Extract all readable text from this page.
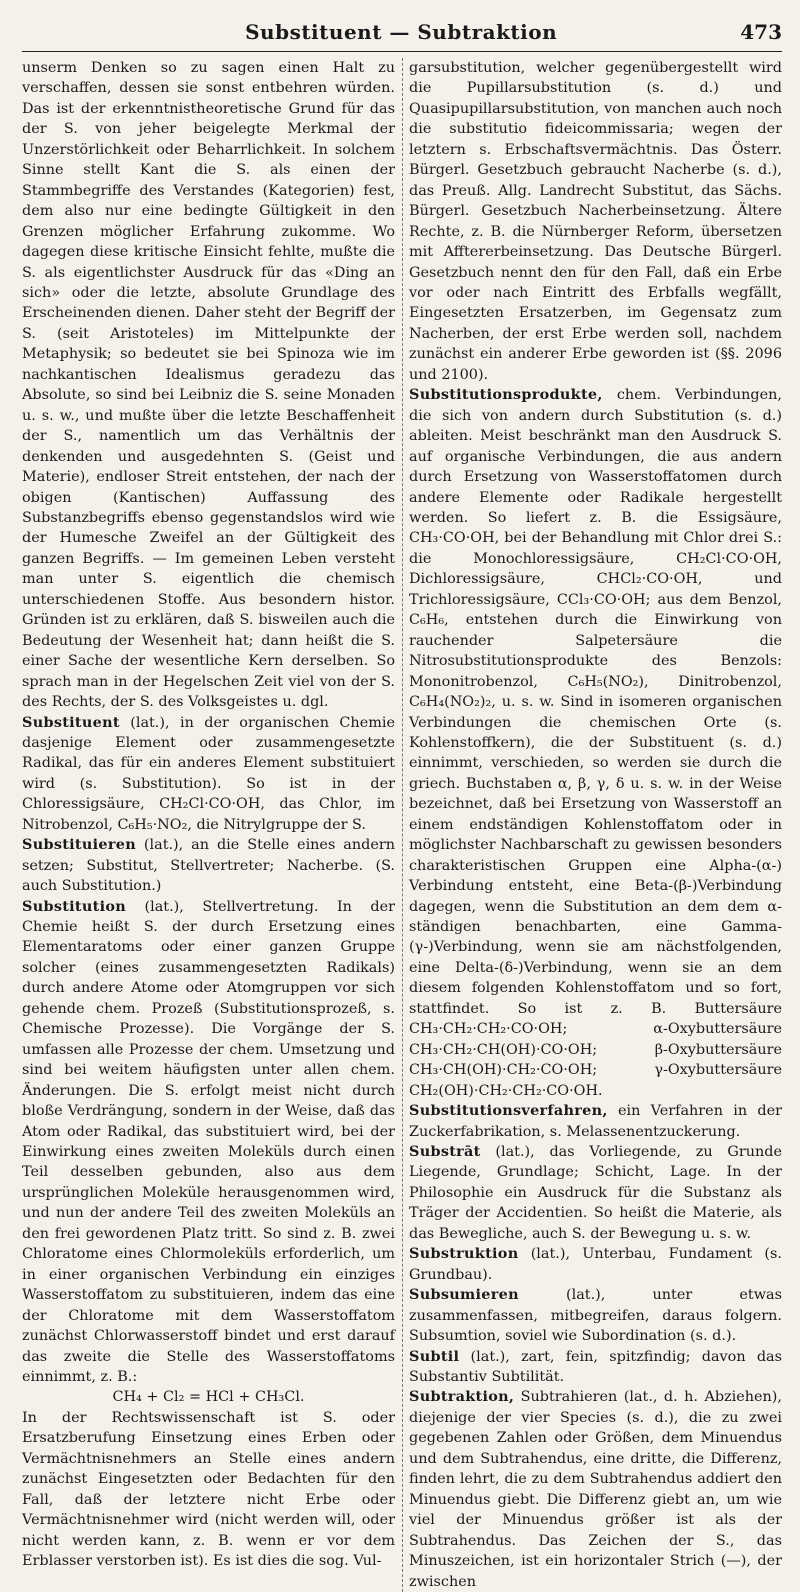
Substituent — Subtraktion	473

unserm Denken so zu sagen einen Halt zu verschaffen, dessen sie sonst entbehren würden. Das ist der erkenntnistheoretische Grund für das der S. von jeher beigelegte Merkmal der Unzerstörlichkeit oder Beharrlichkeit. In solchem Sinne stellt Kant die S. als einen der Stammbegriffe des Verstandes (Kategorien) fest, dem also nur eine bedingte Gültigkeit in den Grenzen möglicher Erfahrung zukomme. Wo dagegen diese kritische Einsicht fehlte, mußte die S. als eigentlichster Ausdruck für das «Ding an sich» oder die letzte, absolute Grundlage des Erscheinenden dienen. Daher steht der Begriff der S. (seit Aristoteles) im Mittelpunkte der Metaphysik; so bedeutet sie bei Spinoza wie im nachkantischen Idealismus geradezu das Absolute, so sind bei Leibniz die S. seine Monaden u. s. w., und mußte über die letzte Beschaffenheit der S., namentlich um das Verhältnis der denkenden und ausgedehnten S. (Geist und Materie), endloser Streit entstehen, der nach der obigen (Kantischen) Auffassung des Substanzbegriffs ebenso gegenstandslos wird wie der Humesche Zweifel an der Gültigkeit des ganzen Begriffs. — Im gemeinen Leben versteht man unter S. eigentlich die chemisch unterschiedenen Stoffe. Aus besondern histor. Gründen ist zu erklären, daß S. bisweilen auch die Bedeutung der Wesenheit hat; dann heißt die S. einer Sache der wesentliche Kern derselben. So sprach man in der Hegelschen Zeit viel von der S. des Rechts, der S. des Volksgeistes u. dgl.

Substituent (lat.), in der organischen Chemie dasjenige Element oder zusammengesetzte Radikal, das für ein anderes Element substituiert wird (s. Substitution). So ist in der Chloressigsäure, CH₂Cl·CO·OH, das Chlor, im Nitrobenzol, C₆H₅·NO₂, die Nitrylgruppe der S.

Substituieren (lat.), an die Stelle eines andern setzen; Substitut, Stellvertreter; Nacherbe. (S. auch Substitution.)

Substitution (lat.), Stellvertretung. In der Chemie heißt S. der durch Ersetzung eines Elementaratoms oder einer ganzen Gruppe solcher (eines zusammengesetzten Radikals) durch andere Atome oder Atomgruppen vor sich gehende chem. Prozeß (Substitutionsprozeß, s. Chemische Prozesse). Die Vorgänge der S. umfassen alle Prozesse der chem. Umsetzung und sind bei weitem häufigsten unter allen chem. Änderungen. Die S. erfolgt meist nicht durch bloße Verdrängung, sondern in der Weise, daß das Atom oder Radikal, das substituiert wird, bei der Einwirkung eines zweiten Moleküls durch einen Teil desselben gebunden, also aus dem ursprünglichen Moleküle herausgenommen wird, und nun der andere Teil des zweiten Moleküls an den frei gewordenen Platz tritt. So sind z. B. zwei Chloratome eines Chlormoleküls erforderlich, um in einer organischen Verbindung ein einziges Wasserstoffatom zu substituieren, indem das eine der Chloratome mit dem Wasserstoffatom zunächst Chlorwasserstoff bindet und erst darauf das zweite die Stelle des Wasserstoffatoms einnimmt, z. B.:

CH₄ + Cl₂ = HCl + CH₃Cl.

In der Rechtswissenschaft ist S. oder Ersatzberufung Einsetzung eines Erben oder Vermächtnisnehmers an Stelle eines andern zunächst Eingesetzten oder Bedachten für den Fall, daß der letztere nicht Erbe oder Vermächtnisnehmer wird (nicht werden will, oder nicht werden kann, z. B. wenn er vor dem Erblasser verstorben ist). Es ist dies die sog. Vul-

garsubstitution, welcher gegenübergestellt wird die Pupillarsubstitution (s. d.) und Quasipupillarsubstitution, von manchen auch noch die substitutio fideicommissaria; wegen der letztern s. Erbschaftsvermächtnis. Das Österr. Bürgerl. Gesetzbuch gebraucht Nacherbe (s. d.), das Preuß. Allg. Landrecht Substitut, das Sächs. Bürgerl. Gesetzbuch Nacherbeinsetzung. Ältere Rechte, z. B. die Nürnberger Reform, übersetzen mit Afftererbeinsetzung. Das Deutsche Bürgerl. Gesetzbuch nennt den für den Fall, daß ein Erbe vor oder nach Eintritt des Erbfalls wegfällt, Eingesetzten Ersatzerben, im Gegensatz zum Nacherben, der erst Erbe werden soll, nachdem zunächst ein anderer Erbe geworden ist (§§. 2096 und 2100).

Substitutionsprodukte, chem. Verbindungen, die sich von andern durch Substitution (s. d.) ableiten. Meist beschränkt man den Ausdruck S. auf organische Verbindungen, die aus andern durch Ersetzung von Wasserstoffatomen durch andere Elemente oder Radikale hergestellt werden. So liefert z. B. die Essigsäure, CH₃·CO·OH, bei der Behandlung mit Chlor drei S.: die Monochloressigsäure, CH₂Cl·CO·OH, Dichloressigsäure, CHCl₂·CO·OH, und Trichloressigsäure, CCl₃·CO·OH; aus dem Benzol, C₆H₆, entstehen durch die Einwirkung von rauchender Salpetersäure die Nitrosubstitutionsprodukte des Benzols: Mononitrobenzol, C₆H₅(NO₂), Dinitrobenzol, C₆H₄(NO₂)₂, u. s. w. Sind in isomeren organischen Verbindungen die chemischen Orte (s. Kohlenstoffkern), die der Substituent (s. d.) einnimmt, verschieden, so werden sie durch die griech. Buchstaben α, β, γ, δ u. s. w. in der Weise bezeichnet, daß bei Ersetzung von Wasserstoff an einem endständigen Kohlenstoffatom oder in möglichster Nachbarschaft zu gewissen besonders charakteristischen Gruppen eine Alpha-(α-) Verbindung entsteht, eine Beta-(β-)Verbindung dagegen, wenn die Substitution an dem dem α-ständigen benachbarten, eine Gamma-(γ-)Verbindung, wenn sie am nächstfolgenden, eine Delta-(δ-)Verbindung, wenn sie an dem diesem folgenden Kohlenstoffatom und so fort, stattfindet. So ist z. B. Buttersäure CH₃·CH₂·CH₂·CO·OH; α-Oxybuttersäure CH₃·CH₂·CH(OH)·CO·OH; β-Oxybuttersäure CH₃·CH(OH)·CH₂·CO·OH; γ-Oxybuttersäure CH₂(OH)·CH₂·CH₂·CO·OH.

Substitutionsverfahren, ein Verfahren in der Zuckerfabrikation, s. Melassenentzuckerung.

Substrāt (lat.), das Vorliegende, zu Grunde Liegende, Grundlage; Schicht, Lage. In der Philosophie ein Ausdruck für die Substanz als Träger der Accidentien. So heißt die Materie, als das Bewegliche, auch S. der Bewegung u. s. w.

Substruktion (lat.), Unterbau, Fundament (s. Grundbau).

Subsumieren (lat.), unter etwas zusammenfassen, mitbegreifen, daraus folgern. Subsumtion, soviel wie Subordination (s. d.).

Subtil (lat.), zart, fein, spitzfindig; davon das Substantiv Subtilität.

Subtraktion, Subtrahieren (lat., d. h. Abziehen), diejenige der vier Species (s. d.), die zu zwei gegebenen Zahlen oder Größen, dem Minuendus und dem Subtrahendus, eine dritte, die Differenz, finden lehrt, die zu dem Subtrahendus addiert den Minuendus giebt. Die Differenz giebt an, um wie viel der Minuendus größer ist als der Subtrahendus. Das Zeichen der S., das Minuszeichen, ist ein horizontaler Strich (—), der zwischen
